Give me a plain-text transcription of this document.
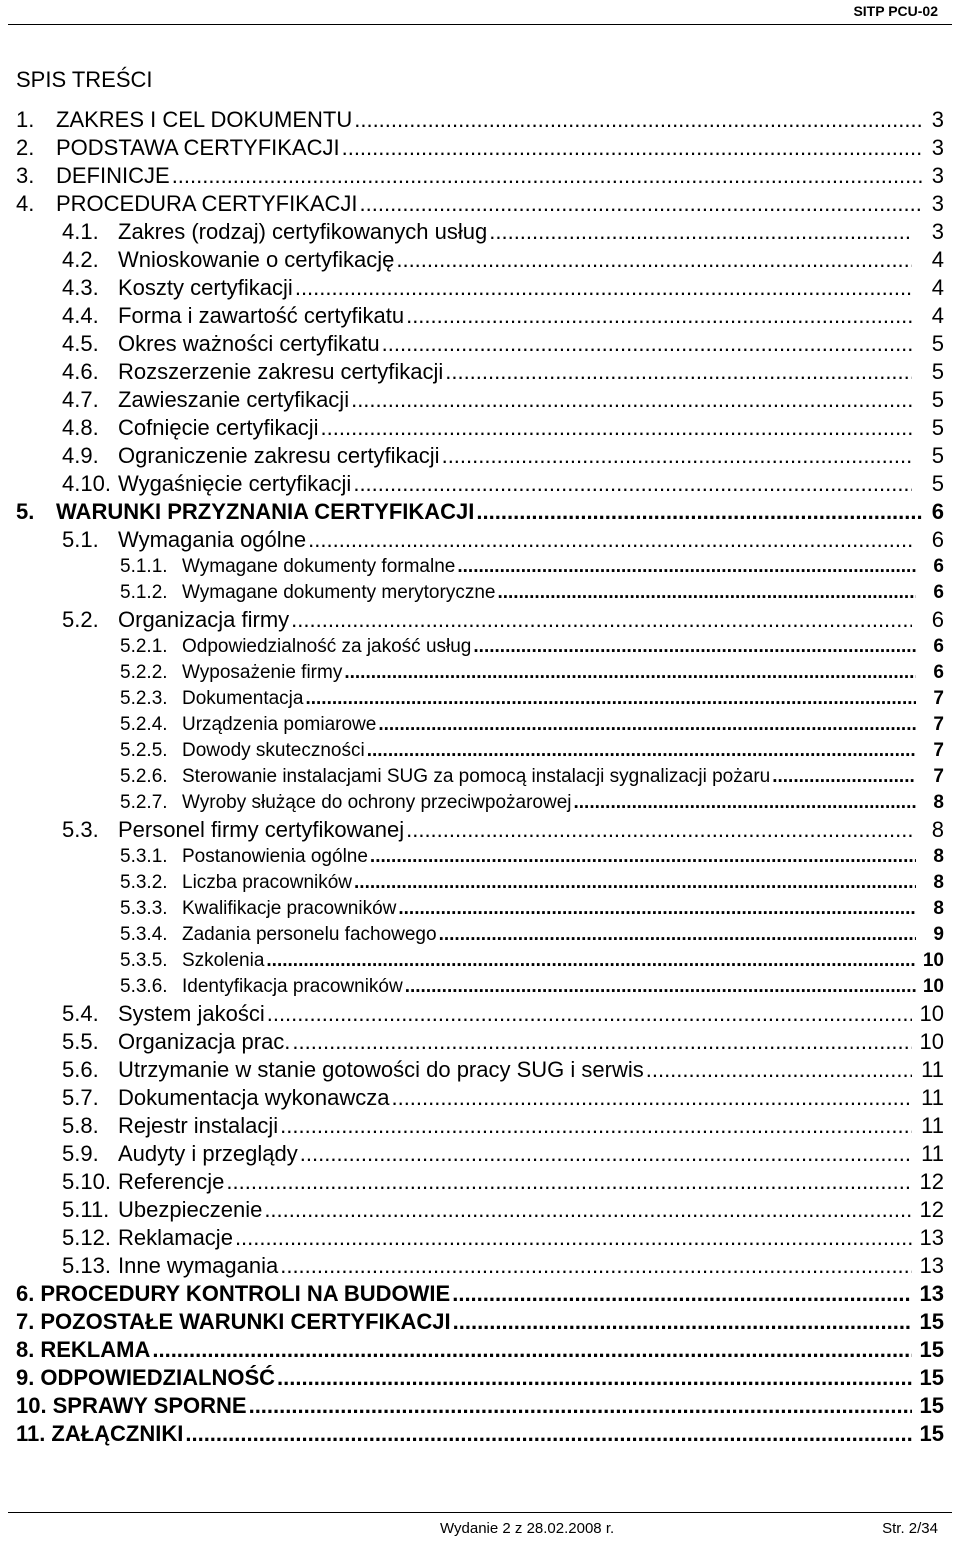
SITP PCU-02
SPIS TREŚCI
1. ZAKRES I CEL DOKUMENTU .....	3
2. PODSTAWA CERTYFIKACJI .....	3
3. DEFINICJE .....	3
4. PROCEDURA CERTYFIKACJI .....	3
4.1. Zakres (rodzaj) certyfikowanych usług .....	3
4.2. Wnioskowanie o certyfikację .....	4
4.3. Koszty certyfikacji .....	4
4.4. Forma i zawartość certyfikatu .....	4
4.5. Okres ważności certyfikatu .....	5
4.6. Rozszerzenie zakresu certyfikacji .....	5
4.7. Zawieszanie certyfikacji .....	5
4.8. Cofnięcie certyfikacji .....	5
4.9. Ograniczenie zakresu certyfikacji .....	5
4.10. Wygaśnięcie certyfikacji .....	5
5. WARUNKI PRZYZNANIA CERTYFIKACJI .....	6
5.1. Wymagania ogólne .....	6
5.1.1. Wymagane dokumenty formalne .....	6
5.1.2. Wymagane dokumenty merytoryczne .....	6
5.2. Organizacja firmy .....	6
5.2.1. Odpowiedzialność za jakość usług .....	6
5.2.2. Wyposażenie firmy .....	6
5.2.3. Dokumentacja .....	7
5.2.4. Urządzenia pomiarowe .....	7
5.2.5. Dowody skuteczności .....	7
5.2.6. Sterowanie instalacjami SUG za pomocą instalacji sygnalizacji pożaru .....	7
5.2.7. Wyroby służące do ochrony przeciwpożarowej .....	8
5.3. Personel firmy certyfikowanej .....	8
5.3.1. Postanowienia ogólne .....	8
5.3.2. Liczba pracowników .....	8
5.3.3. Kwalifikacje pracowników .....	8
5.3.4. Zadania personelu fachowego .....	9
5.3.5. Szkolenia .....	10
5.3.6. Identyfikacja pracowników .....	10
5.4. System jakości .....	10
5.5. Organizacja prac. .....	10
5.6. Utrzymanie w stanie gotowości do pracy SUG i serwis .....	11
5.7. Dokumentacja wykonawcza .....	11
5.8. Rejestr instalacji .....	11
5.9. Audyty i przeglądy .....	11
5.10. Referencje .....	12
5.11. Ubezpieczenie .....	12
5.12. Reklamacje .....	13
5.13. Inne wymagania .....	13
6. PROCEDURY KONTROLI NA BUDOWIE .....	13
7. POZOSTAŁE WARUNKI CERTYFIKACJI .....	15
8. REKLAMA .....	15
9. ODPOWIEDZIALNOŚĆ .....	15
10. SPRAWY SPORNE .....	15
11. ZAŁĄCZNIKI .....	15
Wydanie 2 z 28.02.2008 r.	Str. 2/34
